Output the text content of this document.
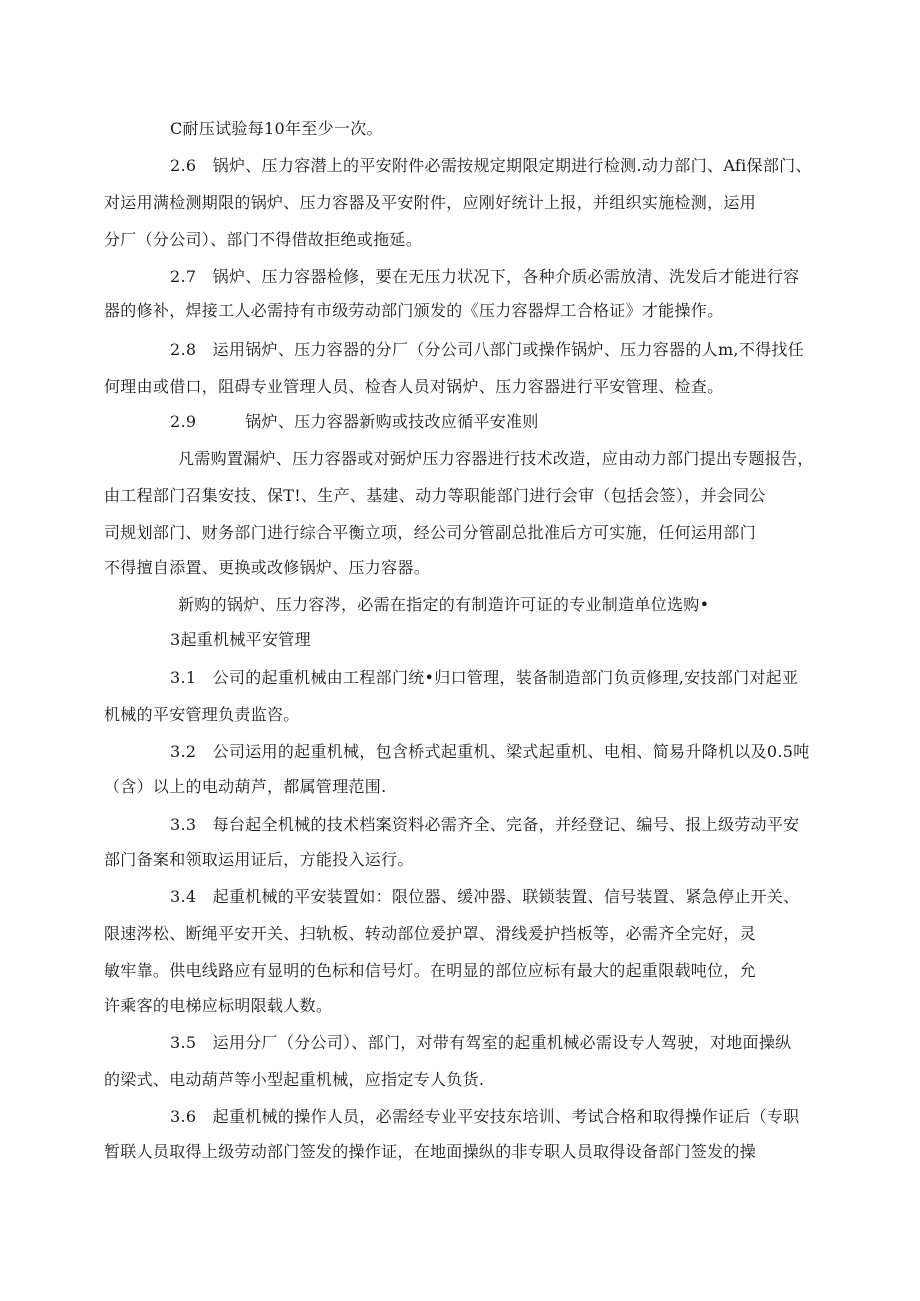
C耐压试验每10年至少一次。
2.6　锅炉、压力容潜上的平安附件必需按规定期限定期进行检测.动力部门、Afi保部门、
对运用满检测期限的锅炉、压力容器及平安附件，应刚好统计上报，并组织实施检测，运用
分厂（分公司）、部门不得借故拒绝或拖延。
2.7　锅炉、压力容器检修，要在无压力状况下，各种介质必需放清、洗发后才能进行容
器的修补，焊接工人必需持有市级劳动部门颁发的《压力容器焊工合格证》才能操作。
2.8　运用锅炉、压力容器的分厂（分公司八部门或操作锅炉、压力容器的人m,不得找任
何理由或借口，阻碍专业管理人员、检杳人员对锅炉、压力容器进行平安管理、检查。
2.9　　　锅炉、压力容器新购或技改应循平安准则
凡需购置漏炉、压力容器或对弼炉压力容器进行技术改造，应由动力部门提出专题报告，
由工程部门召集安技、保T!、生产、基建、动力等职能部门进行会审（包括会签），并会同公
司规划部门、财务部门进行综合平衡立项，经公司分管副总批准后方可实施，任何运用部门
不得擅自添置、更换或改修锅炉、压力容器。
新购的锅炉、压力容涔，必需在指定的有制造许可证的专业制造单位选购•
3起重机械平安管理
3.1　公司的起重机械由工程部门统•归口管理，装备制造部门负贡修理,安技部门对起亚
机械的平安管理负责监咨。
3.2　公司运用的起重机械，包含桥式起重机、梁式起重机、电相、简易升降机以及0.5吨
（含）以上的电动葫芦，都属管理范围.
3.3　每台起全机械的技术档案资料必需齐全、完备，并经登记、编号、报上级劳动平安
部门备案和领取运用证后，方能投入运行。
3.4　起重机械的平安装置如：限位器、缓冲器、联锁装置、信号装置、紧急停止开关、
限速涔松、断绳平安开关、扫轨板、转动部位爰护罩、滑线爰护挡板等，必需齐全完好，灵
敏牢靠。供电线路应有显明的色标和信号灯。在明显的部位应标有最大的起重限载吨位，允
许乘客的电梯应标明限载人数。
3.5　运用分厂（分公司）、部门，对带有驾室的起重机械必需设专人驾驶，对地面操纵
的梁式、电动葫芦等小型起重机械，应指定专人负货.
3.6　起重机械的操作人员，必需经专业平安技东培训、考试合格和取得操作证后（专职
暂联人员取得上级劳动部门签发的操作证，在地面操纵的非专职人员取得设备部门签发的操
